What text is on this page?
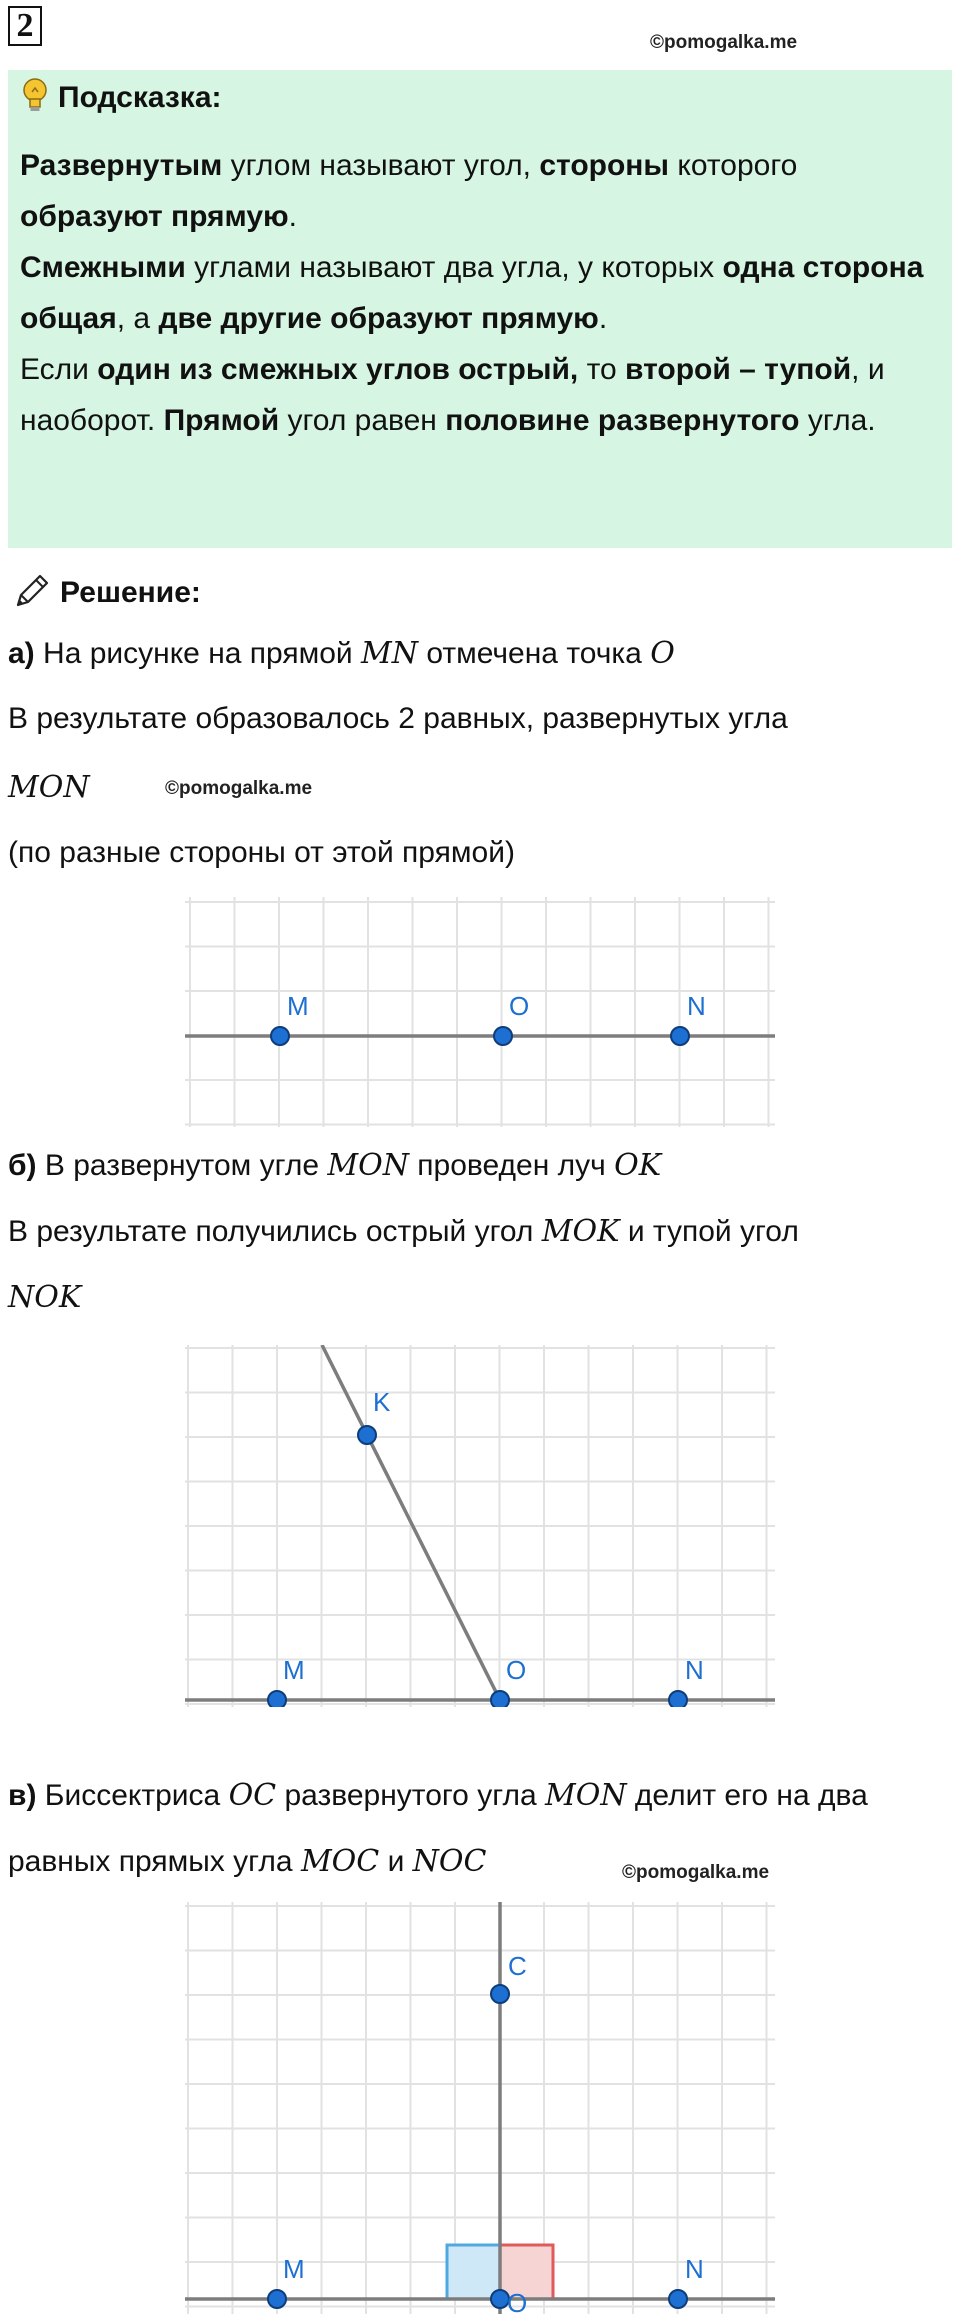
2	©pomogalka.me
Подсказка:
Развернутым углом называют угол, стороны которого образуют прямую.
Смежными углами называют два угла, у которых одна сторона общая, а две другие образуют прямую.
Если один из смежных углов острый, то второй – тупой, и наоборот. Прямой угол равен половине развернутого угла.
Решение:
а) На рисунке на прямой MN отмечена точка O
В результате образовалось 2 равных, развернутых угла
MON	©pomogalka.me
(по разные стороны от этой прямой)
M	O	N
б) В развернутом угле MON проведен луч OK
В результате получились острый угол MOK и тупой угол
NOK
K
M	O	N
в) Биссектриса OC развернутого угла MON делит его на два
равных прямых угла MOC и NOC	©pomogalka.me
C
M
O
N
